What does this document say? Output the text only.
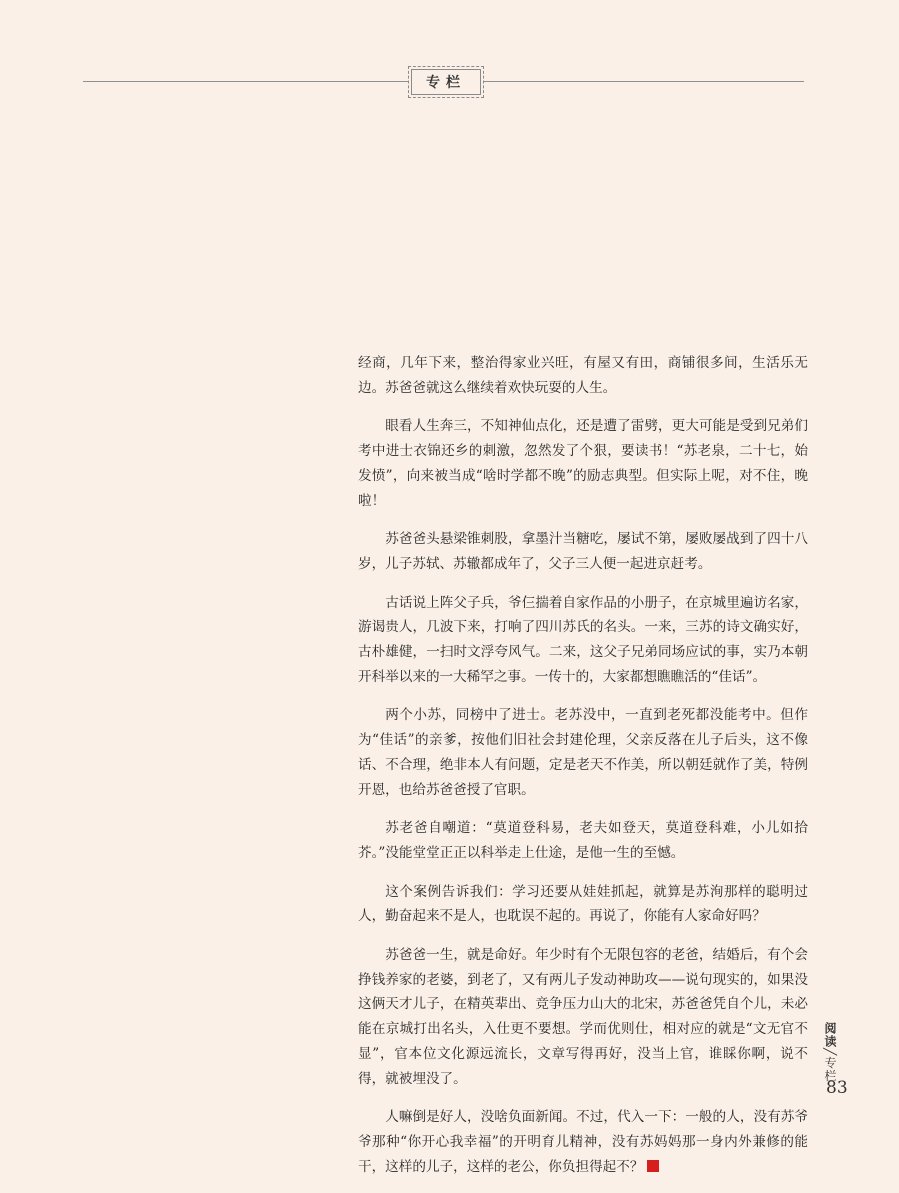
专栏

经商，几年下来，整治得家业兴旺，有屋又有田，商铺很多间，生活乐无边。苏爸爸就这么继续着欢快玩耍的人生。

眼看人生奔三，不知神仙点化，还是遭了雷劈，更大可能是受到兄弟们考中进士衣锦还乡的刺激，忽然发了个狠，要读书！“苏老泉，二十七，始发愤”，向来被当成“啥时学都不晚”的励志典型。但实际上呢，对不住，晚啦！

苏爸爸头悬梁锥刺股，拿墨汁当糖吃，屡试不第，屡败屡战到了四十八岁，儿子苏轼、苏辙都成年了，父子三人便一起进京赶考。

古话说上阵父子兵，爷仨揣着自家作品的小册子，在京城里遍访名家，游谒贵人，几波下来，打响了四川苏氏的名头。一来，三苏的诗文确实好，古朴雄健，一扫时文浮夸风气。二来，这父子兄弟同场应试的事，实乃本朝开科举以来的一大稀罕之事。一传十的，大家都想瞧瞧活的“佳话”。

两个小苏，同榜中了进士。老苏没中，一直到老死都没能考中。但作为“佳话”的亲爹，按他们旧社会封建伦理，父亲反落在儿子后头，这不像话、不合理，绝非本人有问题，定是老天不作美，所以朝廷就作了美，特例开恩，也给苏爸爸授了官职。

苏老爸自嘲道：“莫道登科易，老夫如登天，莫道登科难，小儿如拾芥。”没能堂堂正正以科举走上仕途，是他一生的至憾。

这个案例告诉我们：学习还要从娃娃抓起，就算是苏洵那样的聪明过人，勤奋起来不是人，也耽误不起的。再说了，你能有人家命好吗？

苏爸爸一生，就是命好。年少时有个无限包容的老爸，结婚后，有个会挣钱养家的老婆，到老了，又有两儿子发动神助攻——说句现实的，如果没这俩天才儿子，在精英辈出、竞争压力山大的北宋，苏爸爸凭自个儿，未必能在京城打出名头，入仕更不要想。学而优则仕，相对应的就是“文无官不显”，官本位文化源远流长，文章写得再好，没当上官，谁睬你啊，说不得，就被埋没了。

人嘛倒是好人，没啥负面新闻。不过，代入一下：一般的人，没有苏爷爷那种“你开心我幸福”的开明育儿精神，没有苏妈妈那一身内外兼修的能干，这样的儿子，这样的老公，你负担得起不？

阅读╱专栏
83
